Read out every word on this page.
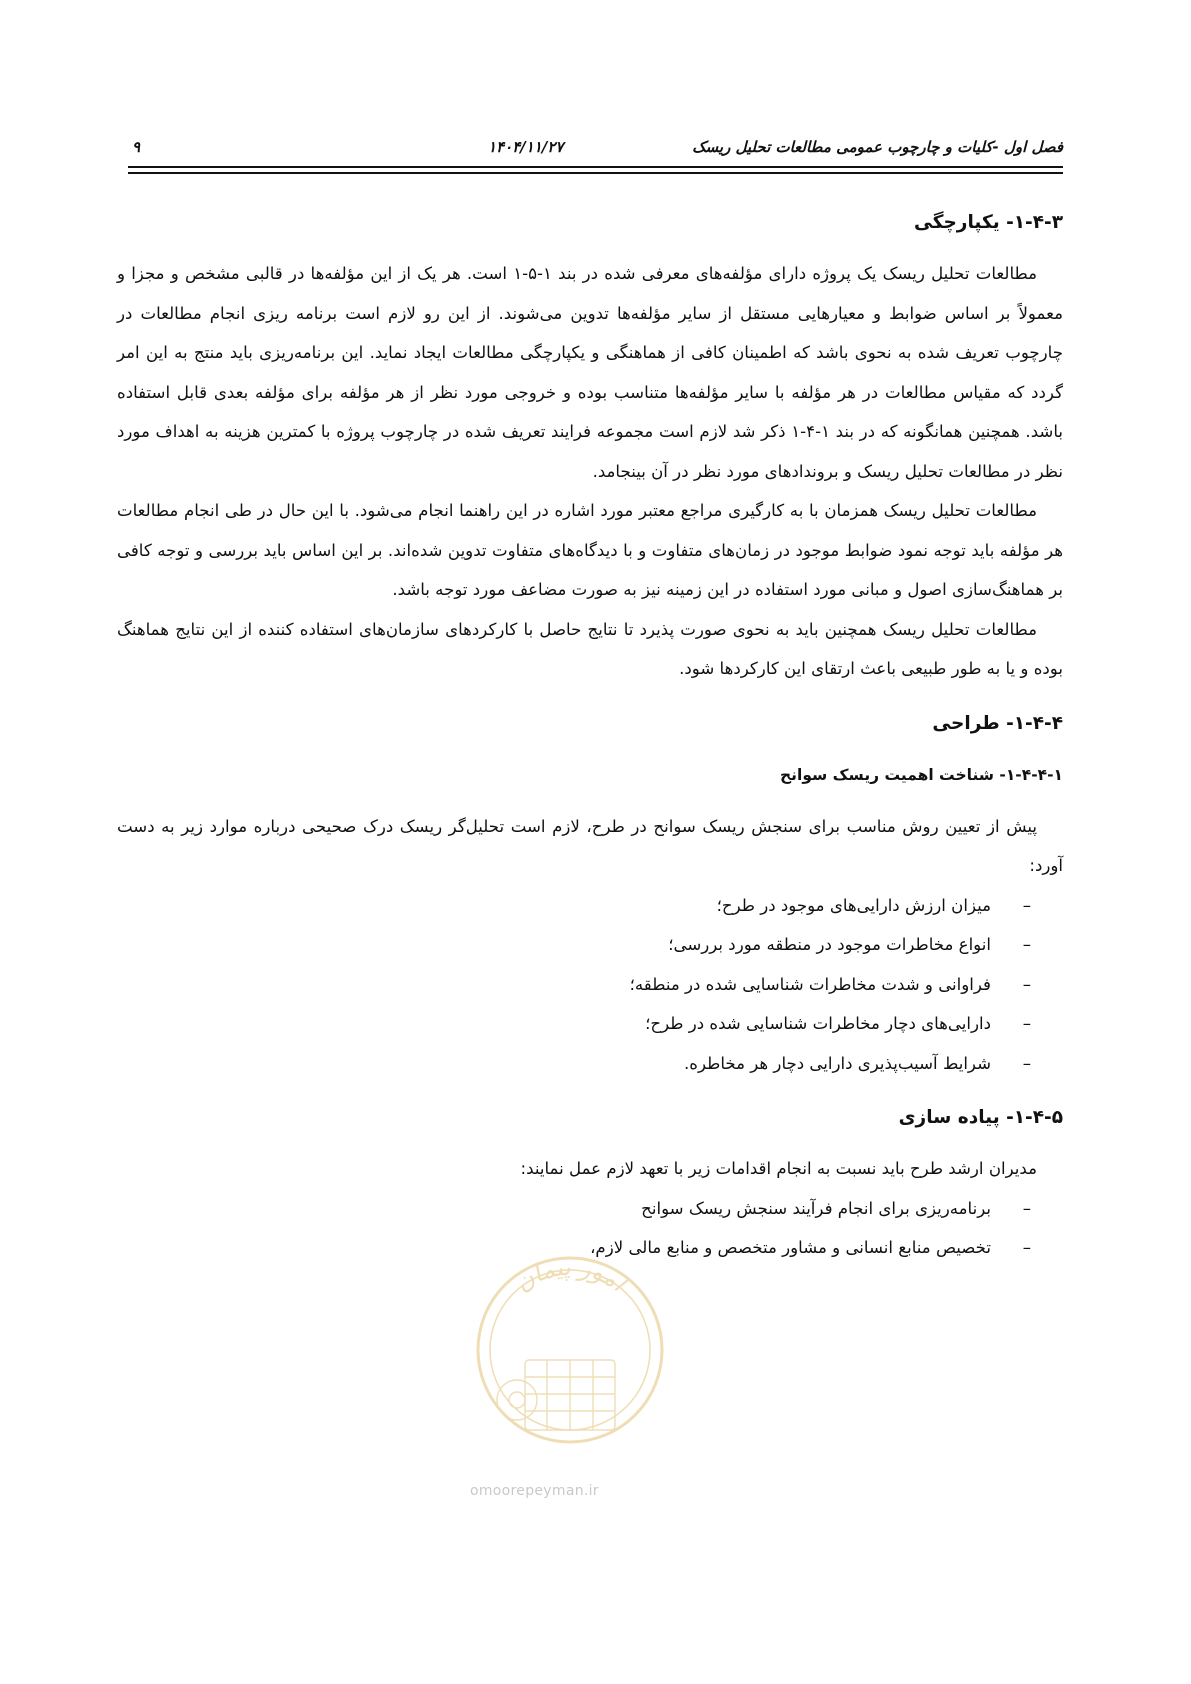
فصل اول -کلیات و چارچوب عمومی مطالعات تحلیل ریسک
۱۴۰۴/۱۱/۲۷
۹
۱-۴-۳- یکپارچگی

مطالعات تحلیل ریسک یک پروژه دارای مؤلفه‌های معرفی شده در بند ۱-۵-۱ است. هر یک از این مؤلفه‌ها در قالبی مشخص و مجزا و معمولاً بر اساس ضوابط و معیارهایی مستقل از سایر مؤلفه‌ها تدوین می‌شوند. از این رو لازم است برنامه ریزی انجام مطالعات در چارچوب تعریف شده به نحوی باشد که اطمینان کافی از هماهنگی و یکپارچگی مطالعات ایجاد نماید. این برنامه‌ریزی باید منتج به این امر گردد که مقیاس مطالعات در هر مؤلفه با سایر مؤلفه‌ها متناسب بوده و خروجی مورد نظر از هر مؤلفه برای مؤلفه بعدی قابل استفاده باشد. همچنین همانگونه که در بند ۱-۴-۱ ذکر شد لازم است مجموعه فرایند تعریف شده در چارچوب پروژه با کمترین هزینه به اهداف مورد نظر در مطالعات تحلیل ریسک و بروندادهای مورد نظر در آن بینجامد.

مطالعات تحلیل ریسک همزمان با به کارگیری مراجع معتبر مورد اشاره در این راهنما انجام می‌شود. با این حال در طی انجام مطالعات هر مؤلفه باید توجه نمود ضوابط موجود در زمان‌های متفاوت و با دیدگاه‌های متفاوت تدوین شده‌اند. بر این اساس باید بررسی و توجه کافی بر هماهنگ‌سازی اصول و مبانی مورد استفاده در این زمینه نیز به صورت مضاعف مورد توجه باشد.

مطالعات تحلیل ریسک همچنین باید به نحوی صورت پذیرد تا نتایج حاصل با کارکردهای سازمان‌های استفاده کننده از این نتایج هماهنگ بوده و یا به طور طبیعی باعث ارتقای این کارکردها شود.

۱-۴-۴- طراحی
۱-۴-۴-۱- شناخت اهمیت ریسک سوانح

پیش از تعیین روش مناسب برای سنجش ریسک سوانح در طرح، لازم است تحلیل‌گر ریسک درک صحیحی درباره موارد زیر به دست آورد:

–میزان ارزش دارایی‌های موجود در طرح؛
–انواع مخاطرات موجود در منطقه مورد بررسی؛
–فراوانی و شدت مخاطرات شناسایی شده در منطقه؛
–دارایی‌های دچار مخاطرات شناسایی شده در طرح؛
–شرایط آسیب‌پذیری دارایی دچار هر مخاطره.
۱-۴-۵- پیاده سازی

مدیران ارشد طرح باید نسبت به انجام اقدامات زیر با تعهد لازم عمل نمایند:

–برنامه‌ریزی برای انجام فرآیند سنجش ریسک سوانح
–تخصیص منابع انسانی و مشاور متخصص و منابع مالی لازم،
امور پیمان
omoorepeyman.ir
